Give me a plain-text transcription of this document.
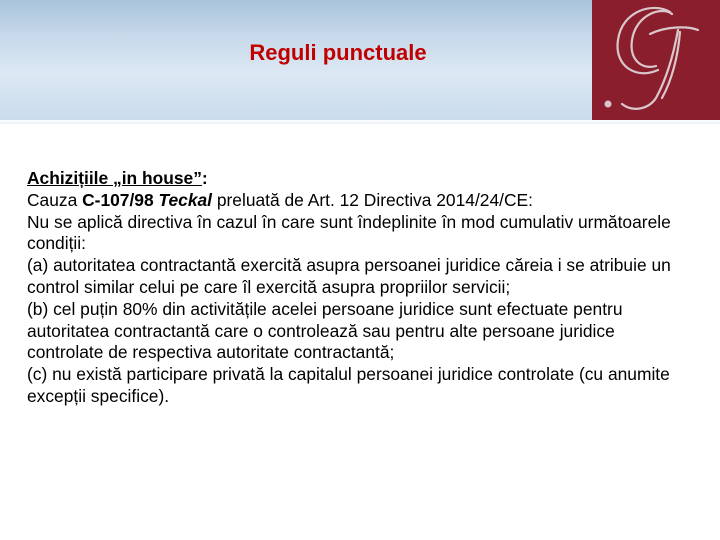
Reguli punctuale

Achizițiile „in house”:

Cauza C-107/98 Teckal preluată de Art. 12 Directiva 2014/24/CE:

Nu se aplică directiva în cazul în care sunt îndeplinite în mod cumulativ următoarele condiții:

(a) autoritatea contractantă exercită asupra persoanei juridice căreia i se atribuie un control similar celui pe care îl exercită asupra propriilor servicii;

(b) cel puțin 80% din activitățile acelei persoane juridice sunt efectuate pentru autoritatea contractantă care o controlează sau pentru alte persoane juridice controlate de respectiva autoritate contractantă;

(c) nu există participare privată la capitalul persoanei juridice controlate (cu anumite excepții specifice).
